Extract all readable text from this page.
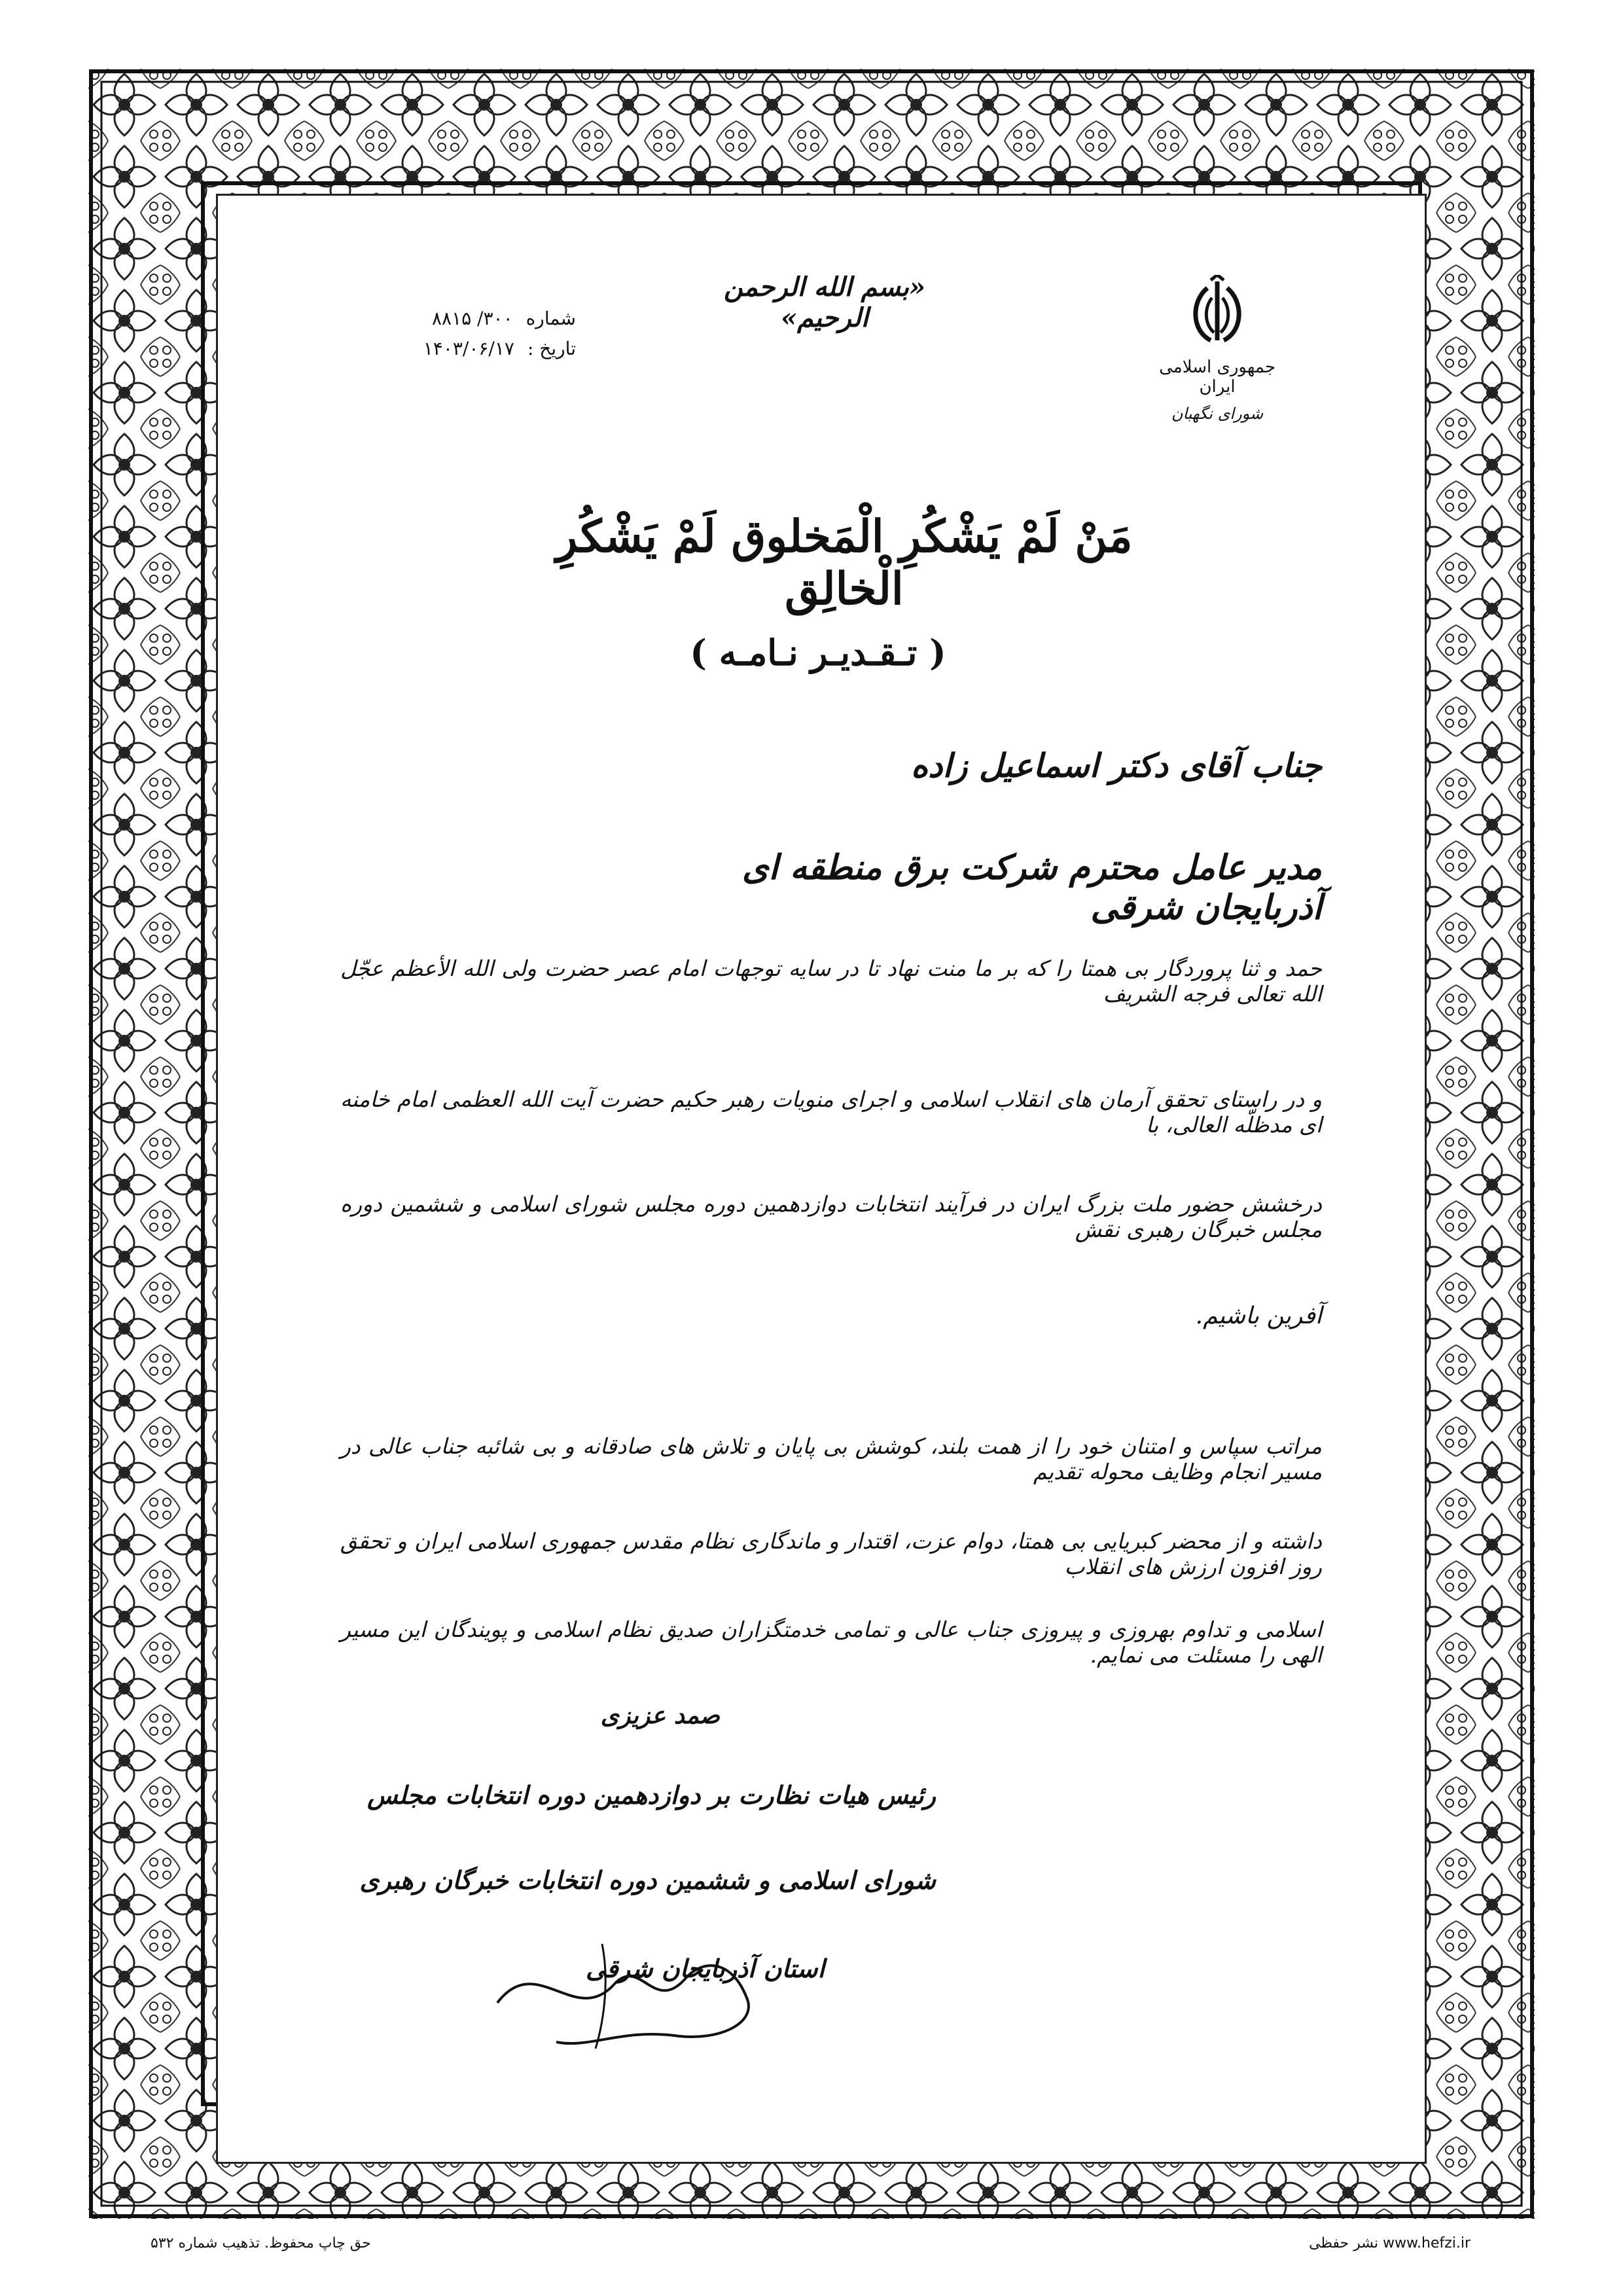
جمهوری اسلامی ایران
شورای نگهبان
«بسم الله الرحمن الرحیم»
شماره
۳۰۰/ ۸۸۱۵
تاریخ :
۱۴۰۳/۰۶/۱۷
مَنْ لَمْ يَشْكُرِ الْمَخلوق لَمْ يَشْكُرِ الْخالِق
( تـقـديـر نـامـه )
جناب آقای دکتر اسماعیل زاده
مدیر عامل محترم شرکت برق منطقه ای آذربایجان شرقی
حمد و ثنا پروردگار بی همتا را که بر ما منت نهاد تا در سایه توجهات امام عصر حضرت ولی الله الأعظم عجّل الله تعالی فرجه الشریف
و در راستای تحقق آرمان های انقلاب اسلامی و اجرای منویات رهبر حکیم حضرت آیت الله العظمی امام خامنه ای مدظلّه العالی، با
درخشش حضور ملت بزرگ ایران در فرآیند انتخابات دوازدهمین دوره مجلس شورای اسلامی و ششمین دوره مجلس خبرگان رهبری نقش
آفرین باشیم.
مراتب سپاس و امتنان خود را از همت بلند، کوشش بی پایان و تلاش های صادقانه و بی شائبه جناب عالی در مسیر انجام وظایف محوله تقدیم
داشته و از محضر کبریایی بی همتا، دوام عزت، اقتدار و ماندگاری نظام مقدس جمهوری اسلامی ایران و تحقق روز افزون ارزش های انقلاب
اسلامی و تداوم بهروزی و پیروزی جناب عالی و تمامی خدمتگزاران صدیق نظام اسلامی و پویندگان این مسیر الهی را مسئلت می نمایم.
صمد عزیزی
رئیس هیات نظارت بر دوازدهمین دوره انتخابات مجلس
شورای اسلامی و ششمین دوره انتخابات خبرگان رهبری
استان آذربایجان شرقی
حق چاپ محفوظ. تذهیب شماره ۵۳۲	www.hefzi.ir نشر حفظی
